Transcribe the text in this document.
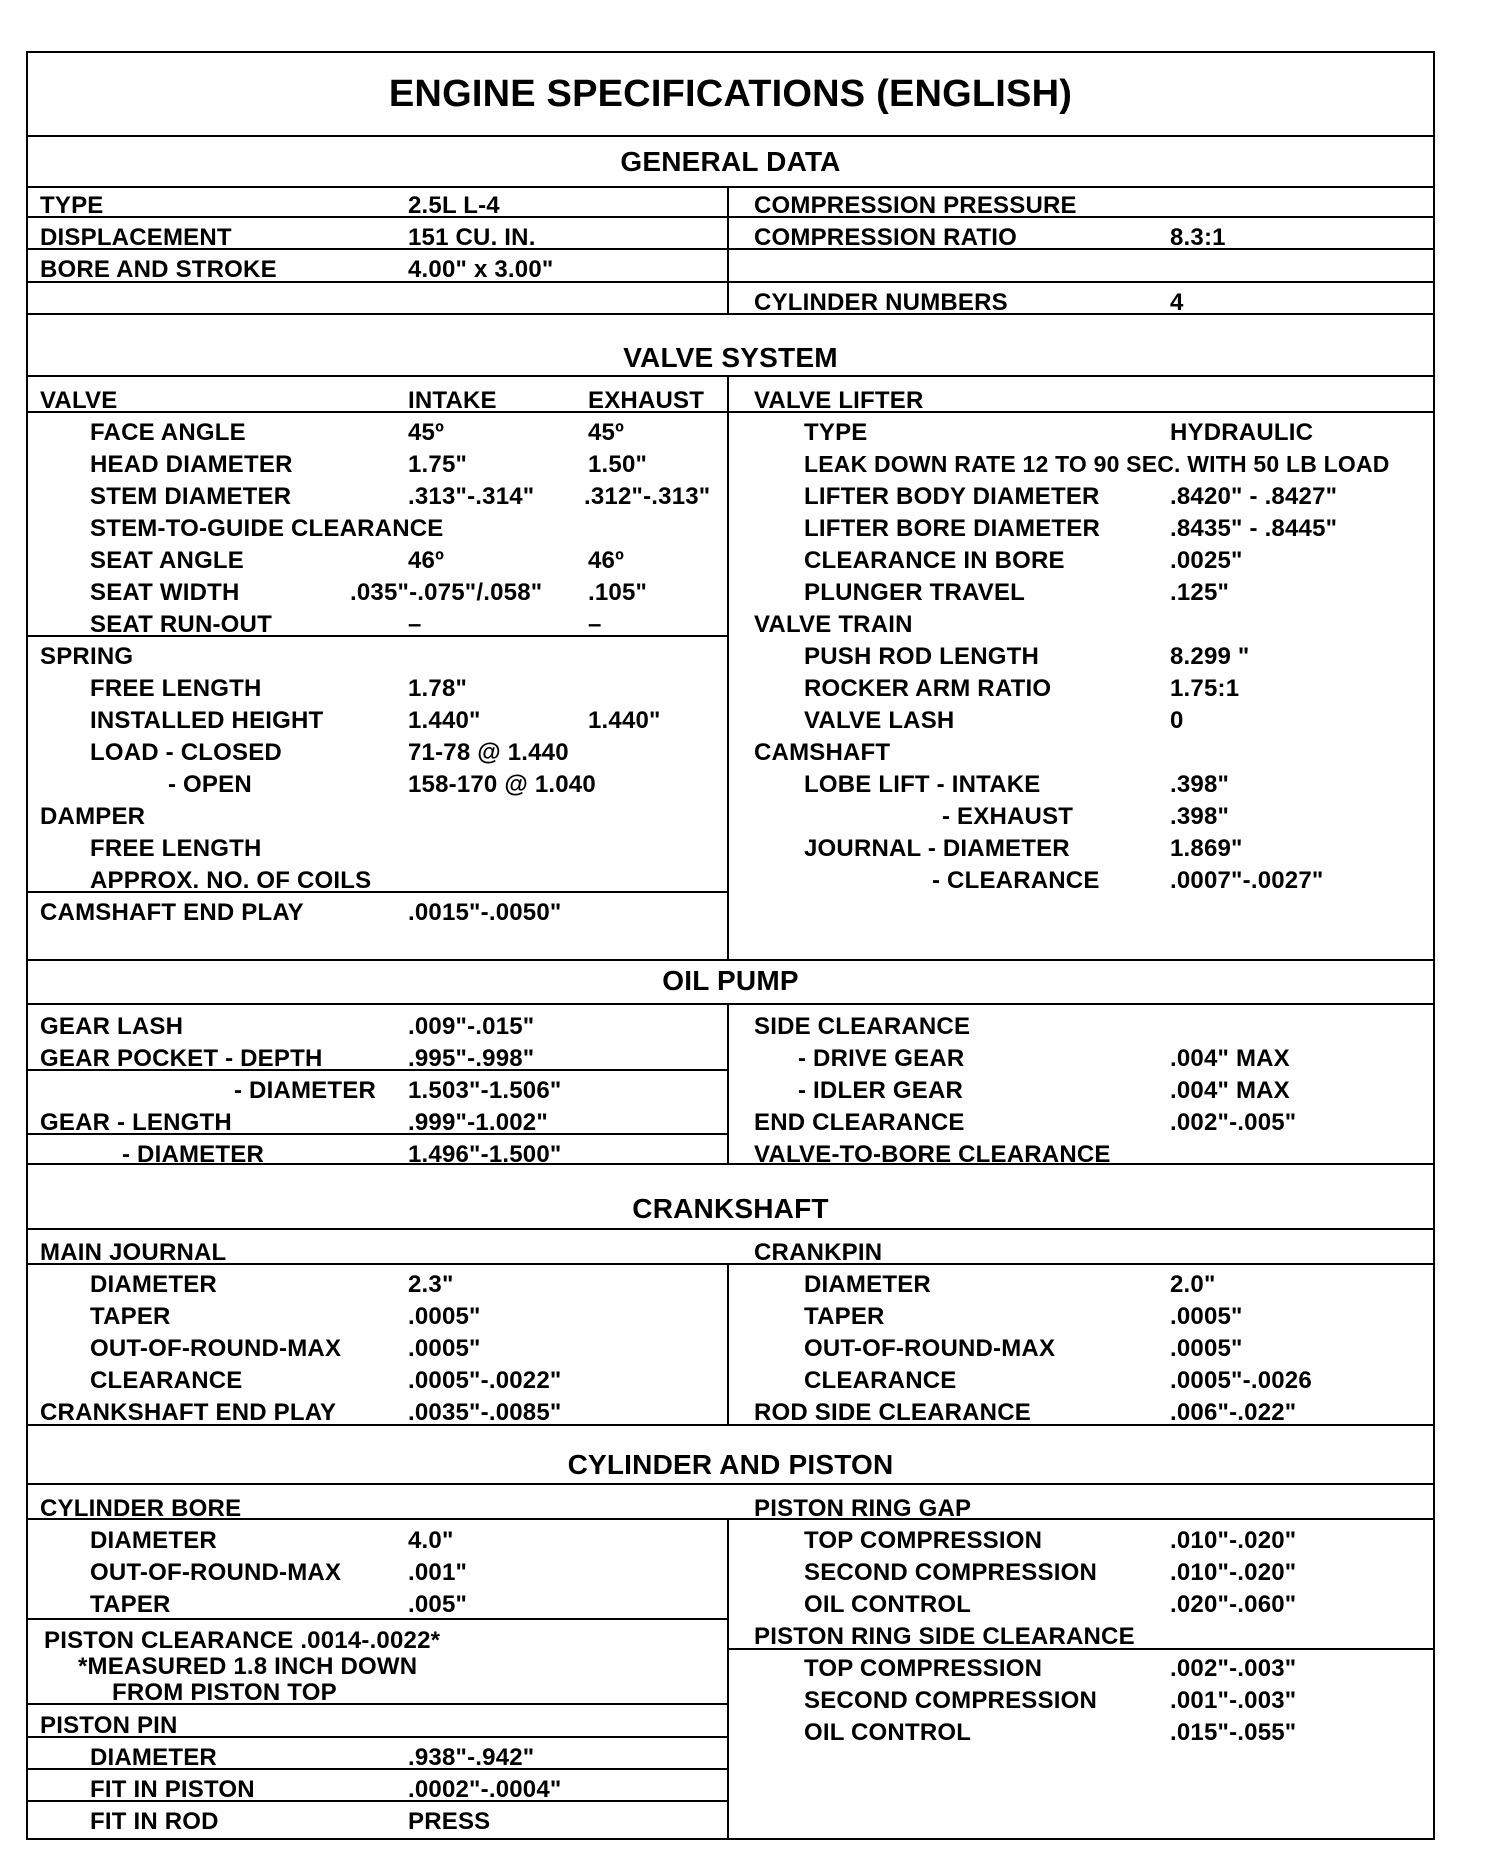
ENGINE SPECIFICATIONS (ENGLISH)
GENERAL DATA
TYPE	2.5L L-4
DISPLACEMENT	151 CU. IN.
BORE AND STROKE	4.00" x 3.00"
COMPRESSION PRESSURE
COMPRESSION RATIO	8.3:1
CYLINDER NUMBERS	4
VALVE SYSTEM
VALVE	INTAKE	EXHAUST
FACE ANGLE	45º	45º
HEAD DIAMETER	1.75"	1.50"
STEM DIAMETER	.313"-.314" .312"-.313"
STEM-TO-GUIDE CLEARANCE
SEAT ANGLE	46º	46º
SEAT WIDTH	.035"-.075"/.058" .105"
SEAT RUN-OUT	–	–
SPRING
FREE LENGTH	1.78"
INSTALLED HEIGHT	1.440"	1.440"
LOAD - CLOSED	71-78 @ 1.440
- OPEN	158-170 @ 1.040
DAMPER
FREE LENGTH
APPROX. NO. OF COILS
CAMSHAFT END PLAY	.0015"-.0050"
VALVE LIFTER
TYPE	HYDRAULIC
LEAK DOWN RATE 12 TO 90 SEC. WITH 50 LB LOAD
LIFTER BODY DIAMETER	.8420" - .8427"
LIFTER BORE DIAMETER	.8435" - .8445"
CLEARANCE IN BORE	.0025"
PLUNGER TRAVEL	.125"
VALVE TRAIN
PUSH ROD LENGTH	8.299 "
ROCKER ARM RATIO	1.75:1
VALVE LASH	0
CAMSHAFT
LOBE LIFT - INTAKE	.398"
- EXHAUST	.398"
JOURNAL - DIAMETER	1.869"
- CLEARANCE	.0007"-.0027"
OIL PUMP
GEAR LASH	.009"-.015"
GEAR POCKET - DEPTH	.995"-.998"
- DIAMETER 1.503"-1.506"
GEAR - LENGTH	.999"-1.002"
- DIAMETER	1.496"-1.500"
SIDE CLEARANCE
- DRIVE GEAR	.004" MAX
- IDLER GEAR	.004" MAX
END CLEARANCE	.002"-.005"
VALVE-TO-BORE CLEARANCE
CRANKSHAFT
MAIN JOURNAL
DIAMETER	2.3"
TAPER	.0005"
OUT-OF-ROUND-MAX	.0005"
CLEARANCE	.0005"-.0022"
CRANKSHAFT END PLAY	.0035"-.0085"
CRANKPIN
DIAMETER	2.0"
TAPER	.0005"
OUT-OF-ROUND-MAX	.0005"
CLEARANCE	.0005"-.0026
ROD SIDE CLEARANCE	.006"-.022"
CYLINDER AND PISTON
CYLINDER BORE
DIAMETER	4.0"
OUT-OF-ROUND-MAX	.001"
TAPER	.005"
PISTON CLEARANCE .0014-.0022*
*MEASURED 1.8 INCH DOWN
FROM PISTON TOP
PISTON PIN
DIAMETER	.938"-.942"
FIT IN PISTON	.0002"-.0004"
FIT IN ROD	PRESS
PISTON RING GAP
TOP COMPRESSION	.010"-.020"
SECOND COMPRESSION	.010"-.020"
OIL CONTROL	.020"-.060"
PISTON RING SIDE CLEARANCE
TOP COMPRESSION	.002"-.003"
SECOND COMPRESSION	.001"-.003"
OIL CONTROL	.015"-.055"
